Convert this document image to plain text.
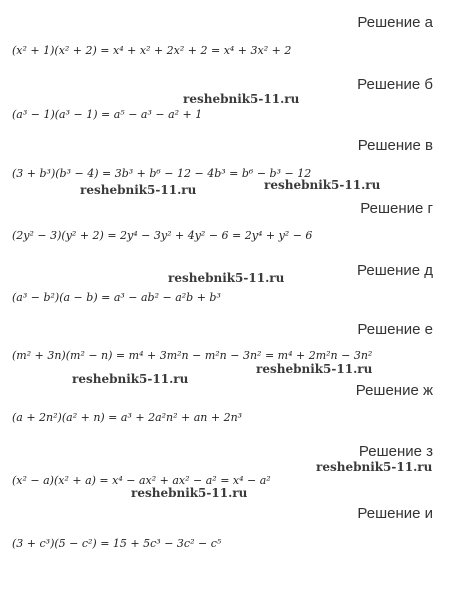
Решение а
(x² + 1)(x² + 2) = x⁴ + x² + 2x² + 2 = x⁴ + 3x² + 2
Решение б
reshebnik5-11.ru
(a³ − 1)(a³ − 1) = a⁵ − a³ − a² + 1
Решение в
(3 + b³)(b³ − 4) = 3b³ + b⁶ − 12 − 4b³ = b⁶ − b³ − 12
reshebnik5-11.ru
reshebnik5-11.ru
Решение г
(2y² − 3)(y² + 2) = 2y⁴ − 3y² + 4y² − 6 = 2y⁴ + y² − 6
Решение д
reshebnik5-11.ru
(a³ − b²)(a − b) = a³ − ab² − a²b + b³
Решение е
(m² + 3n)(m² − n) = m⁴ + 3m²n − m²n − 3n² = m⁴ + 2m²n − 3n²
reshebnik5-11.ru
reshebnik5-11.ru
Решение ж
(a + 2n²)(a² + n) = a³ + 2a²n² + an + 2n³
Решение з
reshebnik5-11.ru
(x² − a)(x² + a) = x⁴ − ax² + ax² − a² = x⁴ − a²
reshebnik5-11.ru
Решение и
(3 + c³)(5 − c²) = 15 + 5c³ − 3c² − c⁵
